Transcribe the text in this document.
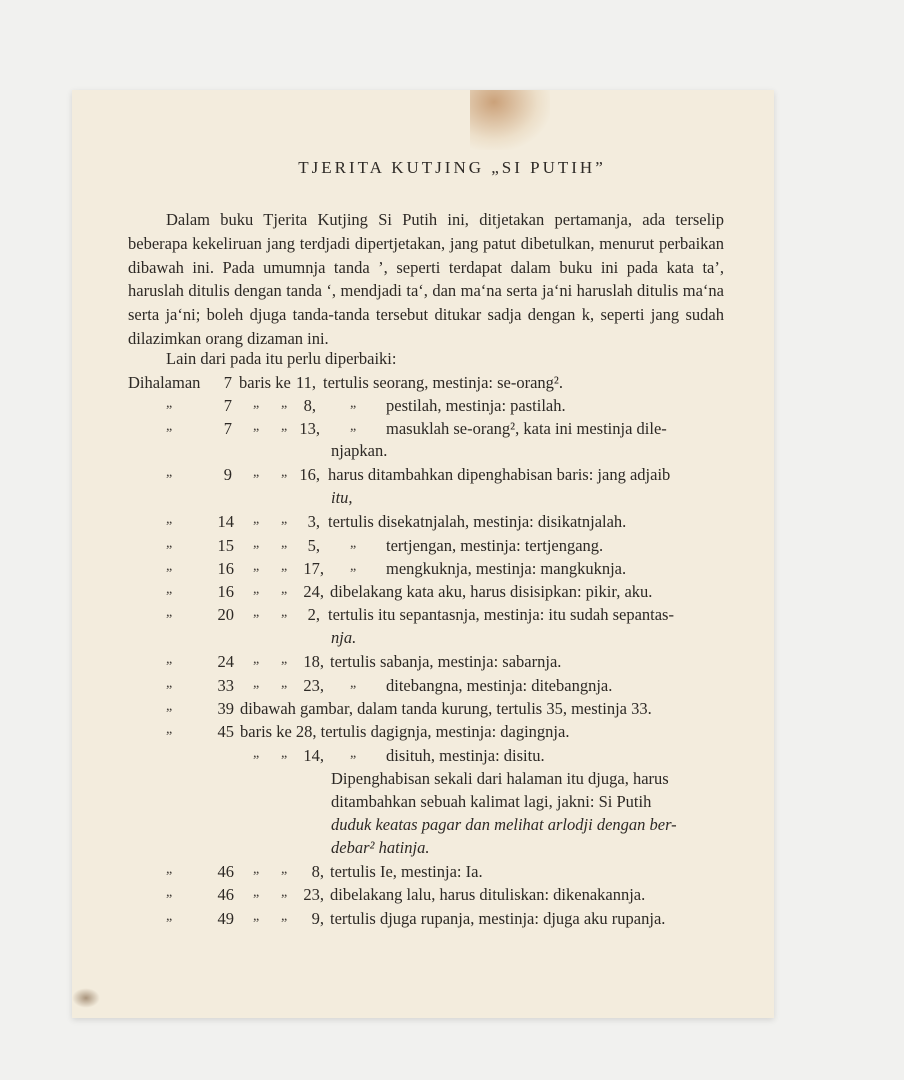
TJERITA KUTJING „SI PUTIH”
Dalam buku Tjerita Kutjing Si Putih ini, ditjetakan pertamanja, ada terselip beberapa kekeliruan jang terdjadi dipertjetakan, jang patut dibetulkan, menurut perbaikan dibawah ini. Pada umumnja tanda ’, seperti terdapat dalam buku ini pada kata ta’, haruslah ditulis dengan tanda ‘, mendjadi ta‘, dan ma‘na serta ja‘ni haruslah ditulis ma‘na serta ja‘ni; boleh djuga tanda-tanda tersebut ditukar sadja dengan k, seperti jang sudah dilazimkan orang dizaman ini.
Lain dari pada itu perlu diperbaiki:
Dihalaman	7 baris ke 11, tertulis seorang, mestinja: se-orang².
„	7 „ „ 8, „ pestilah, mestinja: pastilah.
„	7 „ „ 13, „ masuklah se-orang², kata ini mestinja dile-
njapkan.
„	9 „ „ 16, harus ditambahkan dipenghabisan baris: jang adjaib
itu,
„	14 „ „	3, tertulis disekatnjalah, mestinja: disikatnjalah.
„	15 „ „	5, „ tertjengan, mestinja: tertjengang.
„	16 „ „ 17, „ mengkuknja, mestinja: mangkuknja.
„	16 „ „ 24, dibelakang kata aku, harus disisipkan: pikir, aku.
„	20 „ „	2, tertulis itu sepantasnja, mestinja: itu sudah sepantas-
nja.
„	24 „ „ 18, tertulis sabanja, mestinja: sabarnja.
„	33 „ „ 23, „ ditebangna, mestinja: ditebangnja.
„	39 dibawah gambar, dalam tanda kurung, tertulis 35, mestinja 33.
„	45 baris ke 28, tertulis dagignja, mestinja: dagingnja.
„ „ 14, „ disituh, mestinja: disitu.
Dipenghabisan sekali dari halaman itu djuga, harus
ditambahkan sebuah kalimat lagi, jakni: Si Putih
duduk keatas pagar dan melihat arlodji dengan ber-
debar² hatinja.
„	46 „ „	8, tertulis Ie, mestinja: Ia.
„	46 „ „ 23, dibelakang lalu, harus dituliskan: dikenakannja.
„	49 „ „	9, tertulis djuga rupanja, mestinja: djuga aku rupanja.
